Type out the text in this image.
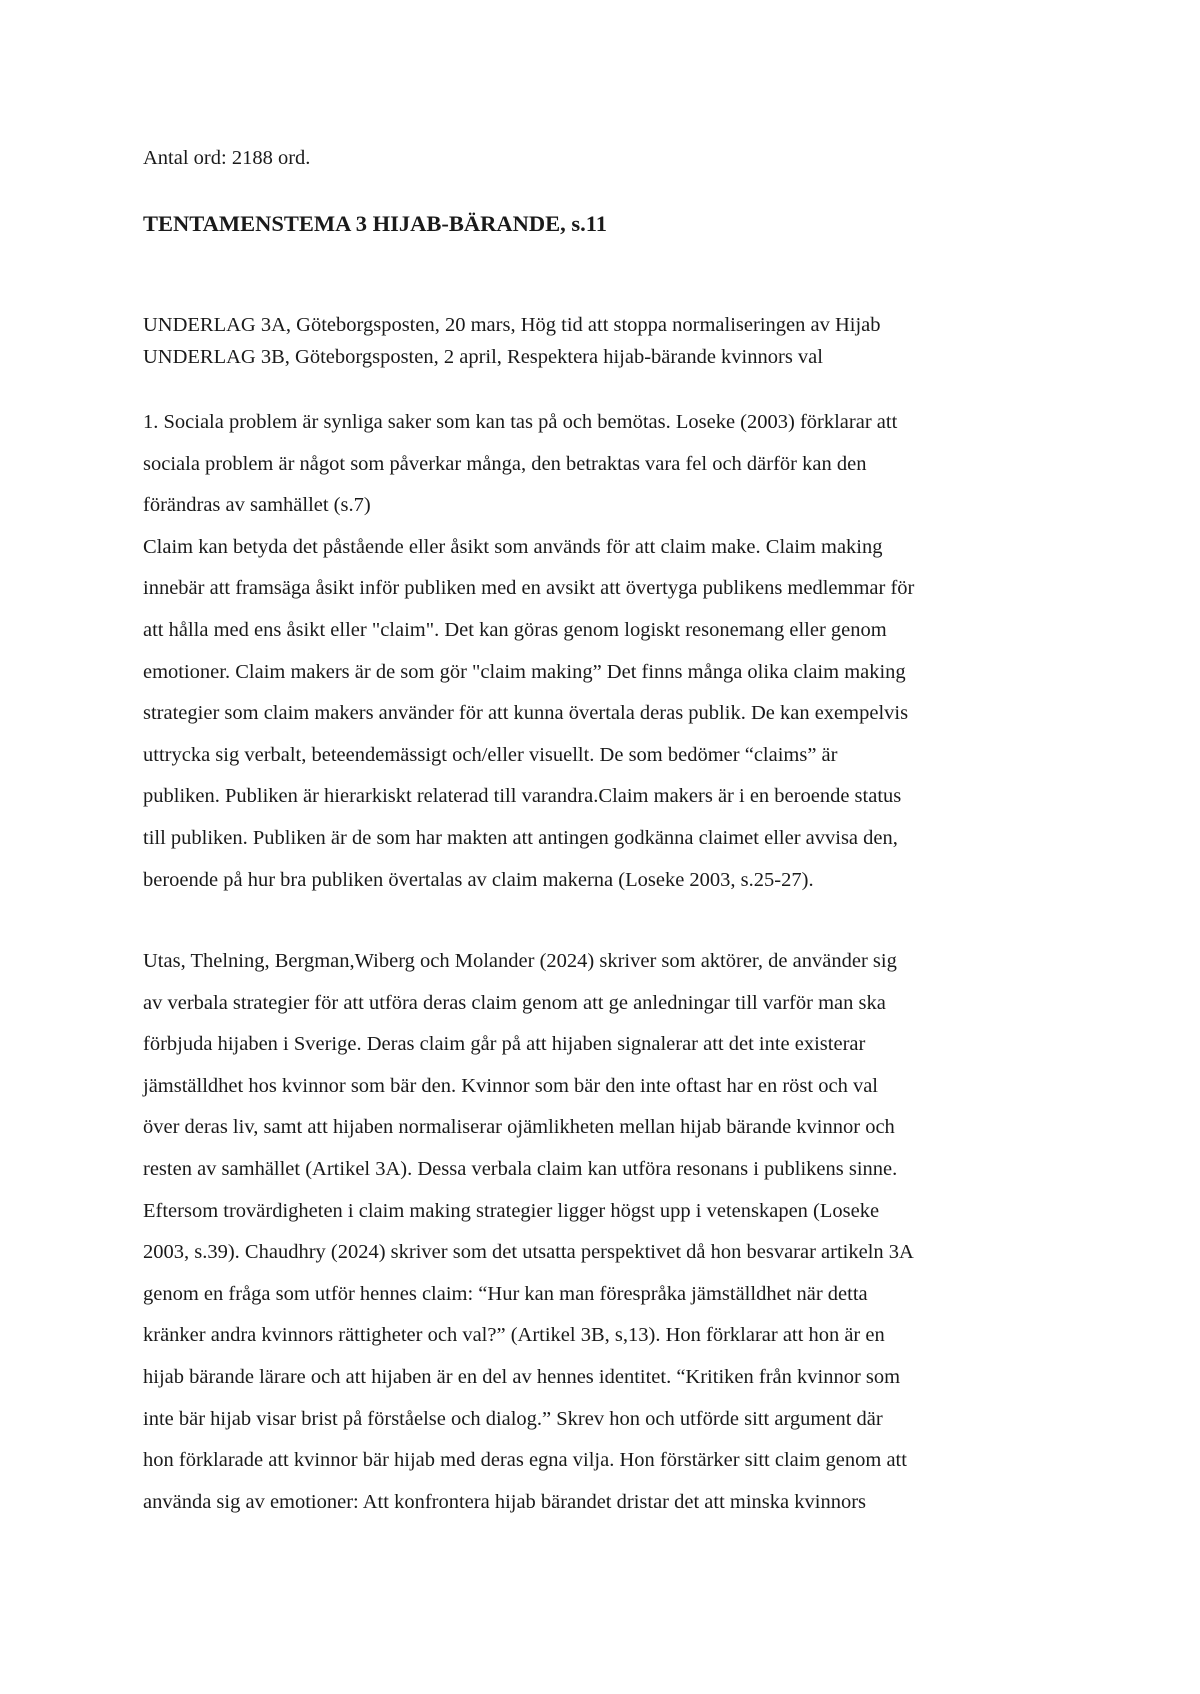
Antal ord: 2188 ord.
TENTAMENSTEMA 3 HIJAB-BÄRANDE, s.11
UNDERLAG 3A, Göteborgsposten, 20 mars, Hög tid att stoppa normaliseringen av Hijab
UNDERLAG 3B, Göteborgsposten, 2 april, Respektera hijab-bärande kvinnors val

1. Sociala problem är synliga saker som kan tas på och bemötas. Loseke (2003) förklarar att
sociala problem är något som påverkar många, den betraktas vara fel och därför kan den
förändras av samhället (s.7)
Claim kan betyda det påstående eller åsikt som används för att claim make. Claim making
innebär att framsäga åsikt inför publiken med en avsikt att övertyga publikens medlemmar för
att hålla med ens åsikt eller "claim". Det kan göras genom logiskt resonemang eller genom
emotioner. Claim makers är de som gör "claim making” Det finns många olika claim making
strategier som claim makers använder för att kunna övertala deras publik. De kan exempelvis
uttrycka sig verbalt, beteendemässigt och/eller visuellt. De som bedömer “claims” är
publiken. Publiken är hierarkiskt relaterad till varandra.Claim makers är i en beroende status
till publiken. Publiken är de som har makten att antingen godkänna claimet eller avvisa den,
beroende på hur bra publiken övertalas av claim makerna (Loseke 2003, s.25-27).

Utas, Thelning, Bergman,Wiberg och Molander (2024) skriver som aktörer, de använder sig
av verbala strategier för att utföra deras claim genom att ge anledningar till varför man ska
förbjuda hijaben i Sverige. Deras claim går på att hijaben signalerar att det inte existerar
jämställdhet hos kvinnor som bär den. Kvinnor som bär den inte oftast har en röst och val
över deras liv, samt att hijaben normaliserar ojämlikheten mellan hijab bärande kvinnor och
resten av samhället (Artikel 3A). Dessa verbala claim kan utföra resonans i publikens sinne.
Eftersom trovärdigheten i claim making strategier ligger högst upp i vetenskapen (Loseke
2003, s.39). Chaudhry (2024) skriver som det utsatta perspektivet då hon besvarar artikeln 3A
genom en fråga som utför hennes claim: “Hur kan man förespråka jämställdhet när detta
kränker andra kvinnors rättigheter och val?” (Artikel 3B, s,13). Hon förklarar att hon är en
hijab bärande lärare och att hijaben är en del av hennes identitet. “Kritiken från kvinnor som
inte bär hijab visar brist på förståelse och dialog.” Skrev hon och utförde sitt argument där
hon förklarade att kvinnor bär hijab med deras egna vilja. Hon förstärker sitt claim genom att
använda sig av emotioner: Att konfrontera hijab bärandet dristar det att minska kvinnors
